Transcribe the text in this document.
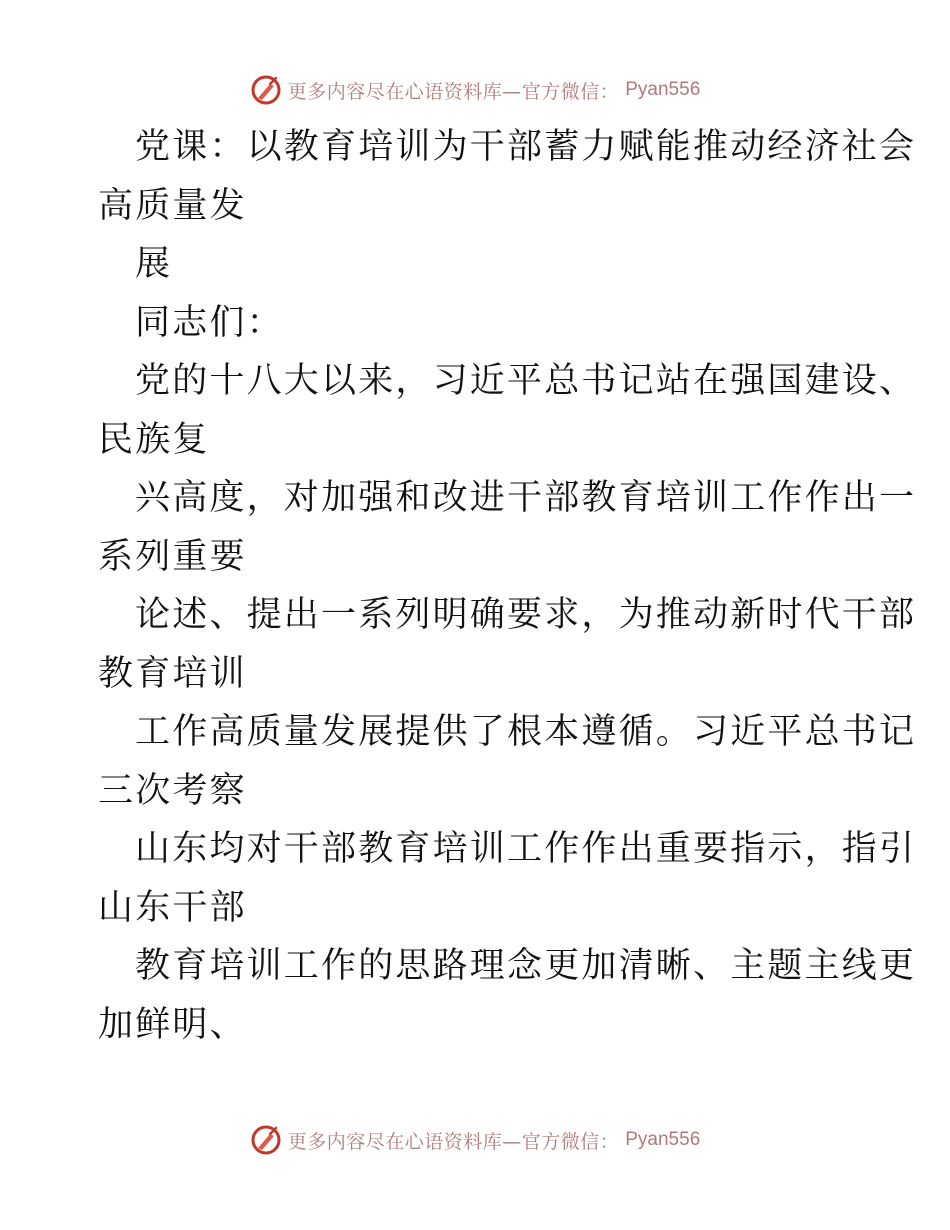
更多内容尽在心语资料库—官方微信： Pyan556
党课：以教育培训为干部蓄力赋能推动经济社会
高质量发
展
同志们：
党的十八大以来，习近平总书记站在强国建设、
民族复
兴高度，对加强和改进干部教育培训工作作出一
系列重要
论述、提出一系列明确要求，为推动新时代干部
教育培训
工作高质量发展提供了根本遵循。习近平总书记
三次考察
山东均对干部教育培训工作作出重要指示，指引
山东干部
教育培训工作的思路理念更加清晰、主题主线更
加鲜明、
更多内容尽在心语资料库—官方微信： Pyan556
